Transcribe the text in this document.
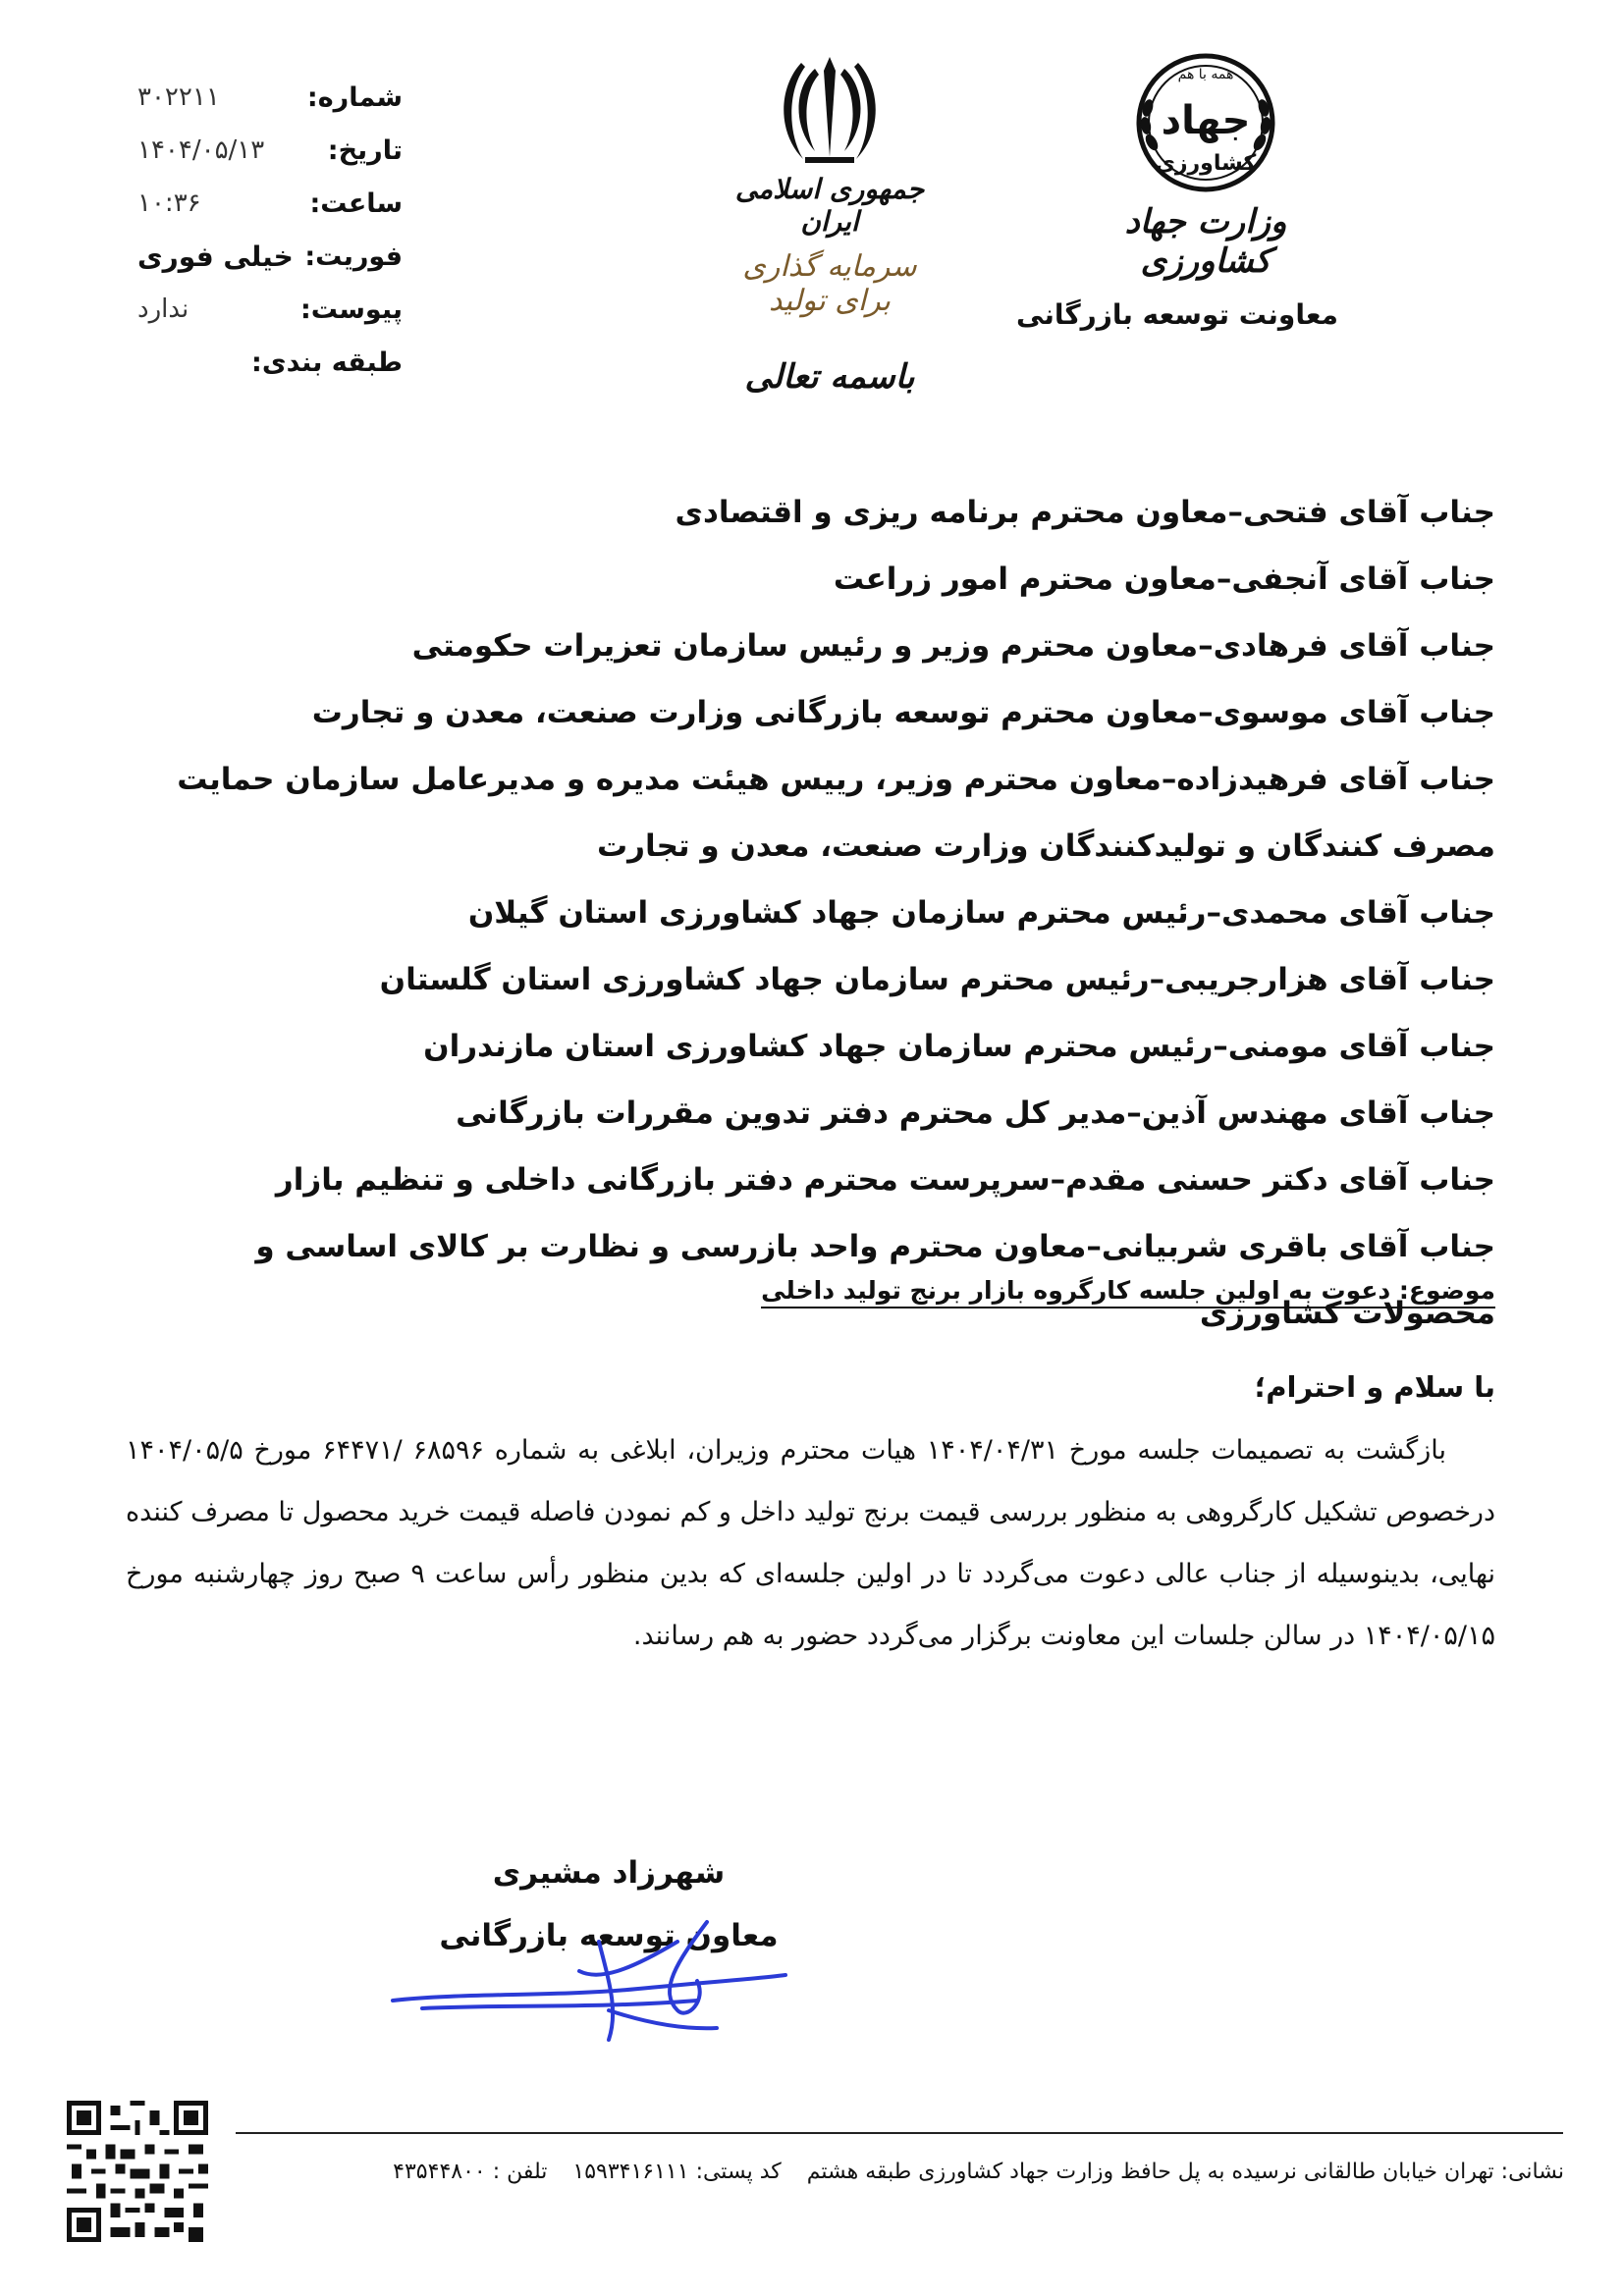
همه با هم
جهاد
کشاورزی
وزارت جهاد کشاورزی
معاونت توسعه بازرگانی
جمهوری اسلامی ایران
سرمایه گذاری برای تولید
باسمه تعالی
شماره:
۳۰۲۲۱۱
تاریخ:
۱۴۰۴/۰۵/۱۳
ساعت:
۱۰:۳۶
فوریت:
خیلی فوری
پیوست:
ندارد
طبقه بندی:

جناب آقای فتحی–معاون محترم برنامه ریزی و اقتصادی

جناب آقای آنجفی–معاون محترم امور زراعت

جناب آقای فرهادی–معاون محترم وزیر و رئیس سازمان تعزیرات حکومتی

جناب آقای موسوی–معاون محترم توسعه بازرگانی وزارت صنعت، معدن و تجارت

جناب آقای فرهیدزاده–معاون محترم وزیر، رییس هیئت مدیره و مدیرعامل سازمان حمایت مصرف کنندگان و تولیدکنندگان وزارت صنعت، معدن و تجارت

جناب آقای محمدی–رئیس محترم سازمان جهاد کشاورزی استان گیلان

جناب آقای هزارجریبی–رئیس محترم سازمان جهاد کشاورزی استان گلستان

جناب آقای مومنی–رئیس محترم سازمان جهاد کشاورزی استان مازندران

جناب آقای مهندس آذین–مدیر کل محترم دفتر تدوین مقررات بازرگانی

جناب آقای دکتر حسنی مقدم–سرپرست محترم دفتر بازرگانی داخلی و تنظیم بازار

جناب آقای باقری شربیانی–معاون محترم واحد بازرسی و نظارت بر کالای اساسی و محصولات کشاورزی

موضوع: دعوت به اولین جلسه کارگروه بازار برنج تولید داخلی
با سلام و احترام؛

بازگشت به تصمیمات جلسه مورخ ۱۴۰۴/۰۴/۳۱ هیات محترم وزیران، ابلاغی به شماره ۶۸۵۹۶ /۶۴۴۷۱ مورخ ۱۴۰۴/۰۵/۵ درخصوص تشکیل کارگروهی به منظور بررسی قیمت برنج تولید داخل و کم نمودن فاصله قیمت خرید محصول تا مصرف کننده نهایی، بدینوسیله از جناب عالی دعوت می‌گردد تا در اولین جلسه‌ای که بدین منظور رأس ساعت ۹ صبح روز چهارشنبه مورخ ۱۴۰۴/۰۵/۱۵ در سالن جلسات این معاونت برگزار می‌گردد حضور به هم رسانند.

شهرزاد مشیری
معاون توسعه بازرگانی
نشانی: تهران خیابان طالقانی نرسیده به پل حافظ وزارت جهاد کشاورزی طبقه هشتم
کد پستی: ۱۵۹۳۴۱۶۱۱۱
تلفن : ۴۳۵۴۴۸۰۰
